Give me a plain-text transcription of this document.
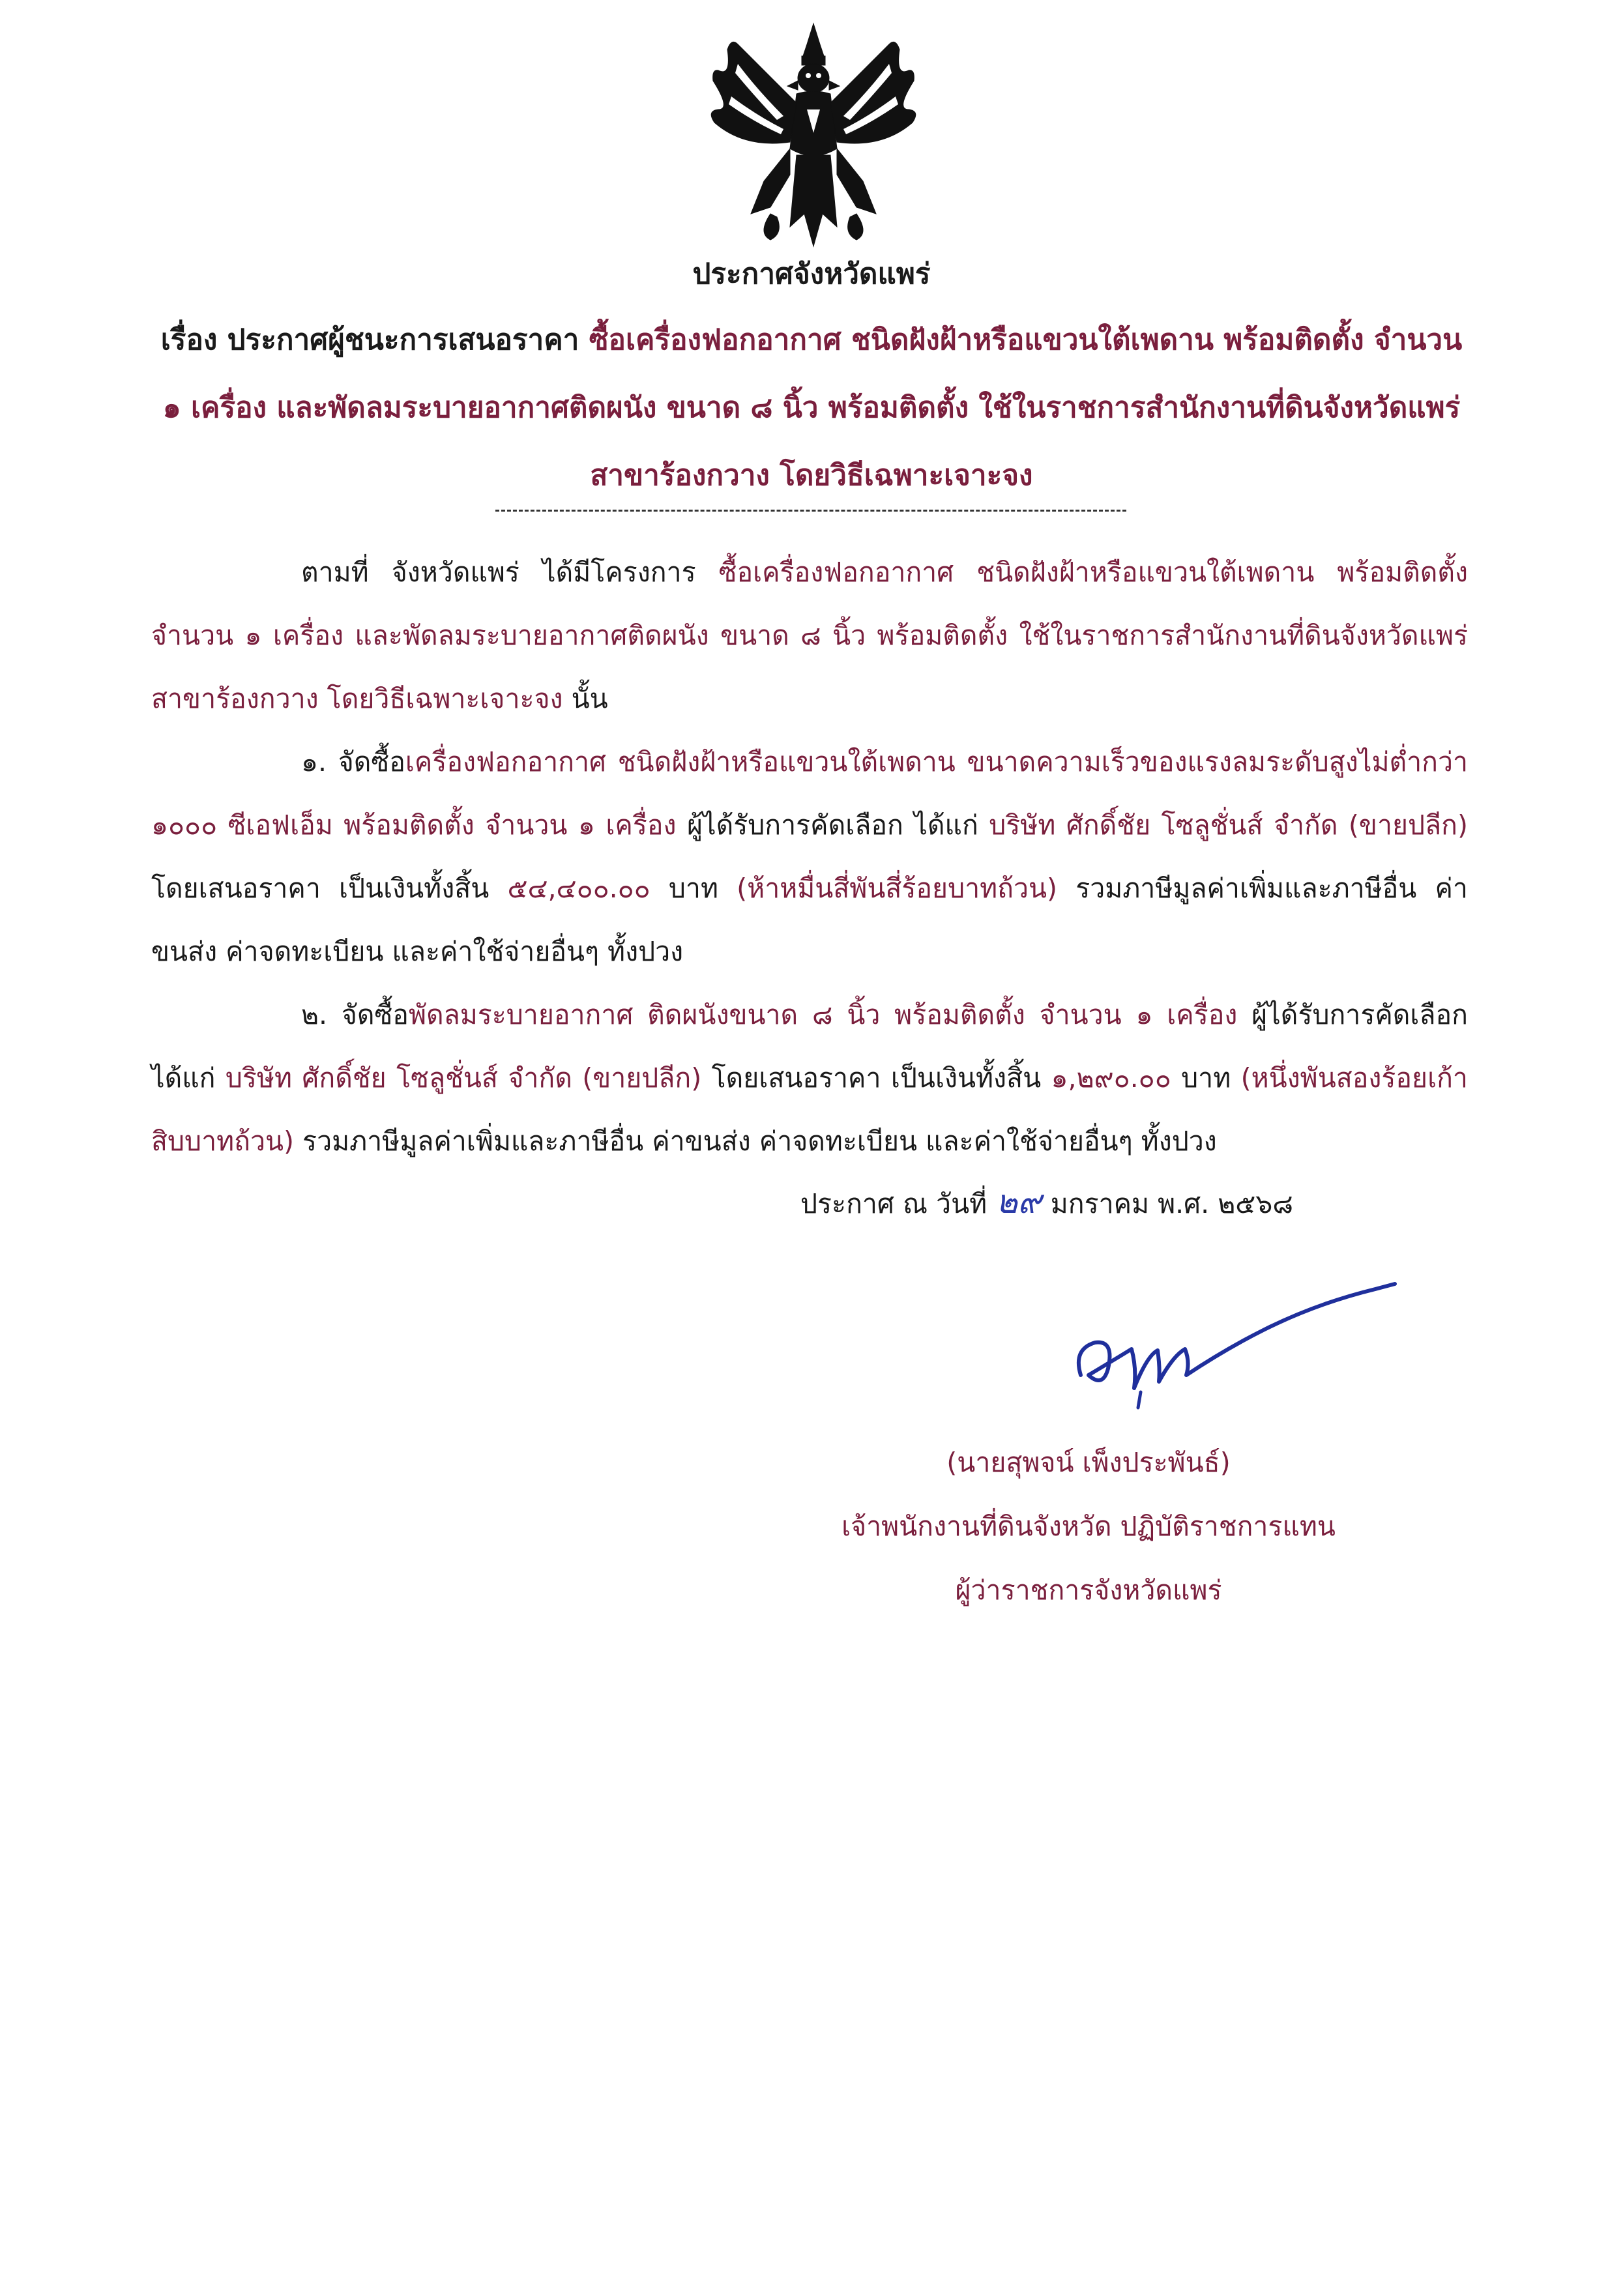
ประกาศจังหวัดแพร่
เรื่อง ประกาศผู้ชนะการเสนอราคา ซื้อเครื่องฟอกอากาศ ชนิดฝังฝ้าหรือแขวนใต้เพดาน พร้อมติดตั้ง จำนวน
๑ เครื่อง และพัดลมระบายอากาศติดผนัง ขนาด ๘ นิ้ว พร้อมติดตั้ง ใช้ในราชการสำนักงานที่ดินจังหวัดแพร่
สาขาร้องกวาง โดยวิธีเฉพาะเจาะจง

ตามที่ จังหวัดแพร่ ได้มีโครงการ ซื้อเครื่องฟอกอากาศ ชนิดฝังฝ้าหรือแขวนใต้เพดาน พร้อมติดตั้ง จำนวน ๑ เครื่อง และพัดลมระบายอากาศติดผนัง ขนาด ๘ นิ้ว พร้อมติดตั้ง ใช้ในราชการสำนักงานที่ดินจังหวัดแพร่ สาขาร้องกวาง โดยวิธีเฉพาะเจาะจง นั้น

๑. จัดซื้อเครื่องฟอกอากาศ ชนิดฝังฝ้าหรือแขวนใต้เพดาน ขนาดความเร็วของแรงลมระดับสูงไม่ต่ำกว่า ๑๐๐๐ ซีเอฟเอ็ม พร้อมติดตั้ง จำนวน ๑ เครื่อง ผู้ได้รับการคัดเลือก ได้แก่ บริษัท ศักดิ์ชัย โซลูชั่นส์ จำกัด (ขายปลีก) โดยเสนอราคา เป็นเงินทั้งสิ้น ๕๔,๔๐๐.๐๐ บาท (ห้าหมื่นสี่พันสี่ร้อยบาทถ้วน) รวมภาษีมูลค่าเพิ่มและภาษีอื่น ค่าขนส่ง ค่าจดทะเบียน และค่าใช้จ่ายอื่นๆ ทั้งปวง

๒. จัดซื้อพัดลมระบายอากาศ ติดผนังขนาด ๘ นิ้ว พร้อมติดตั้ง จำนวน ๑ เครื่อง ผู้ได้รับการคัดเลือก ได้แก่ บริษัท ศักดิ์ชัย โซลูชั่นส์ จำกัด (ขายปลีก) โดยเสนอราคา เป็นเงินทั้งสิ้น ๑,๒๙๐.๐๐ บาท (หนึ่งพันสองร้อยเก้าสิบบาทถ้วน) รวมภาษีมูลค่าเพิ่มและภาษีอื่น ค่าขนส่ง ค่าจดทะเบียน และค่าใช้จ่ายอื่นๆ ทั้งปวง

ประกาศ ณ วันที่ ๒๙ มกราคม พ.ศ. ๒๕๖๘
(นายสุพจน์ เพ็งประพันธ์)
เจ้าพนักงานที่ดินจังหวัด ปฏิบัติราชการแทน
ผู้ว่าราชการจังหวัดแพร่
